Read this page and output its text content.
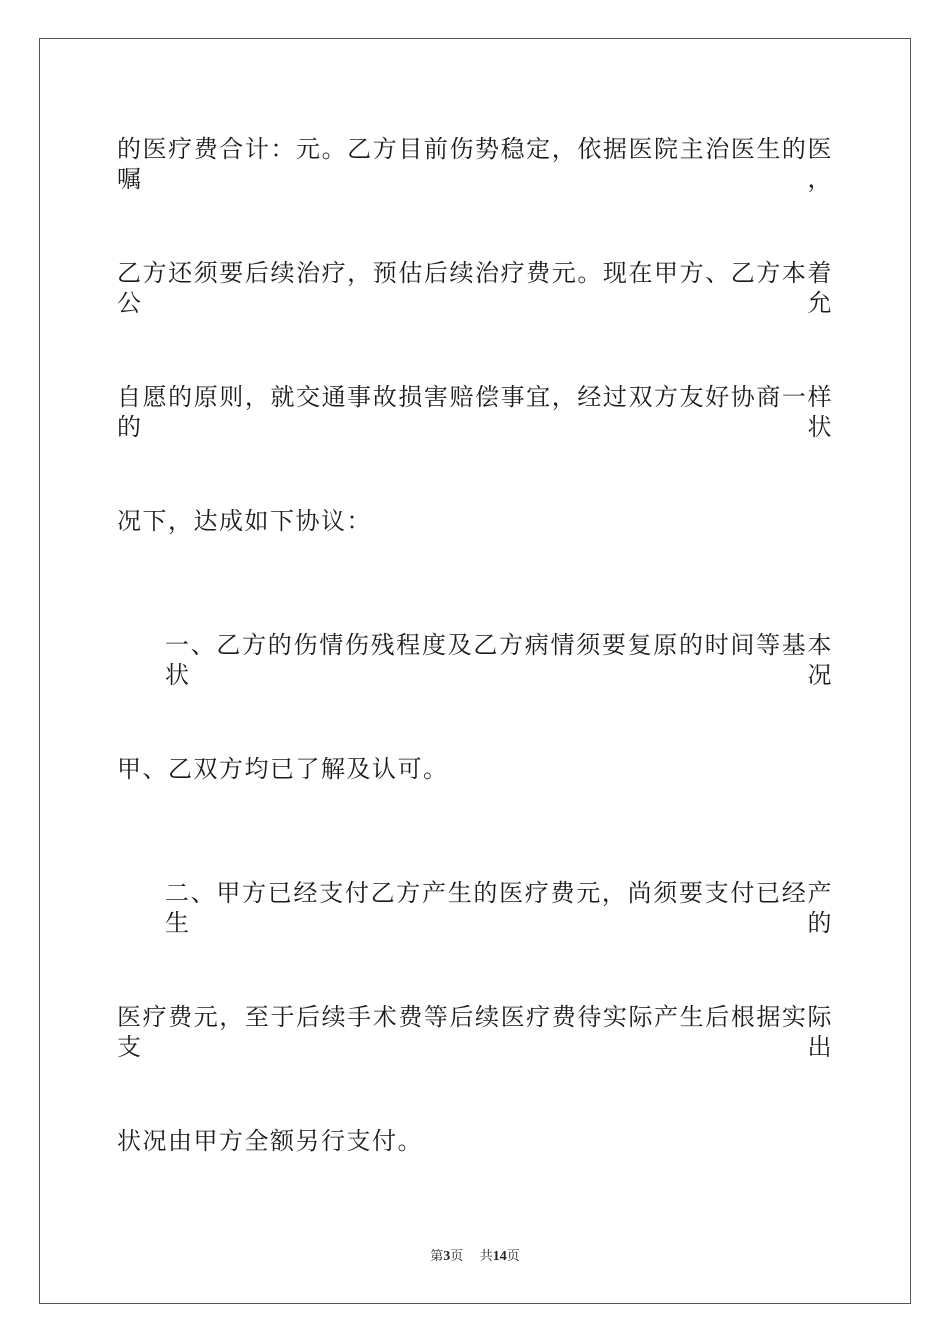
的医疗费合计：元。乙方目前伤势稳定，依据医院主治医生的医嘱，
乙方还须要后续治疗，预估后续治疗费元。现在甲方、乙方本着公允
自愿的原则，就交通事故损害赔偿事宜，经过双方友好协商一样的状
况下，达成如下协议：
一、乙方的伤情伤残程度及乙方病情须要复原的时间等基本状况
甲、乙双方均已了解及认可。
二、甲方已经支付乙方产生的医疗费元，尚须要支付已经产生的
医疗费元，至于后续手术费等后续医疗费待实际产生后根据实际支出
状况由甲方全额另行支付。
第3页 共14页
